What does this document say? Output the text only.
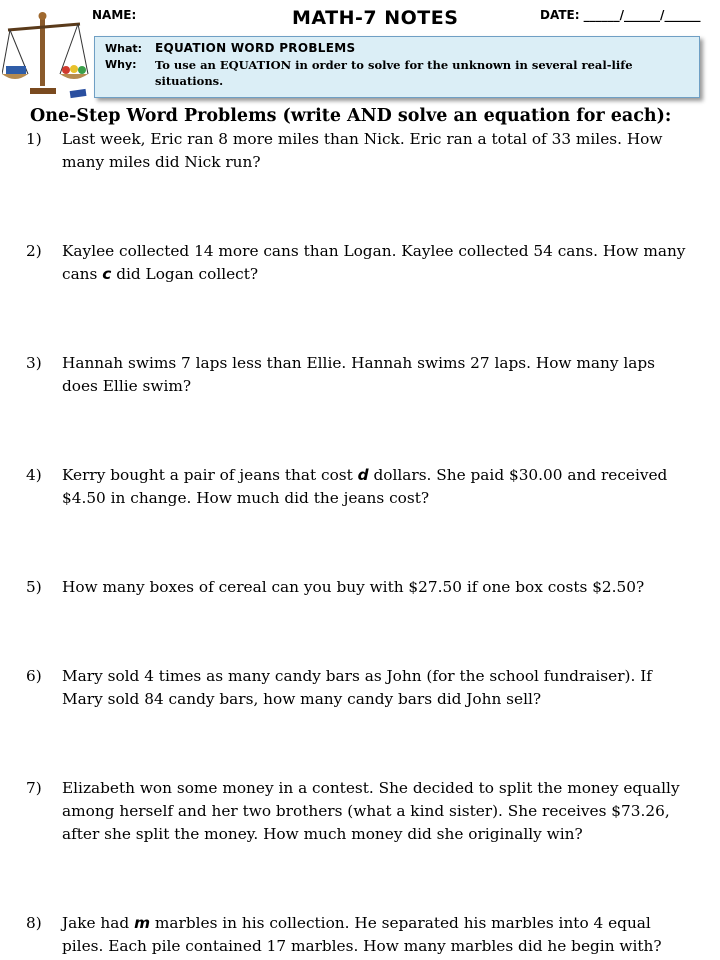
NAME:	MATH-7 NOTES	DATE: ______/______/______
What:	EQUATION WORD PROBLEMS
Why:	To use an EQUATION in order to solve for the unknown in several real-life situations.
One-Step Word Problems (write AND solve an equation for each):
1)	Last week, Eric ran 8 more miles than Nick. Eric ran a total of 33 miles. How many miles did Nick run?
2)	Kaylee collected 14 more cans than Logan. Kaylee collected 54 cans. How many cans c did Logan collect?
3)	Hannah swims 7 laps less than Ellie. Hannah swims 27 laps. How many laps does Ellie swim?
4)	Kerry bought a pair of jeans that cost d dollars. She paid $30.00 and received $4.50 in change. How much did the jeans cost?
5)	How many boxes of cereal can you buy with $27.50 if one box costs $2.50?
6)	Mary sold 4 times as many candy bars as John (for the school fundraiser). If Mary sold 84 candy bars, how many candy bars did John sell?
7)	Elizabeth won some money in a contest. She decided to split the money equally among herself and her two brothers (what a kind sister). She receives $73.26, after she split the money. How much money did she originally win?
8)	Jake had m marbles in his collection. He separated his marbles into 4 equal piles. Each pile contained 17 marbles. How many marbles did he begin with?
